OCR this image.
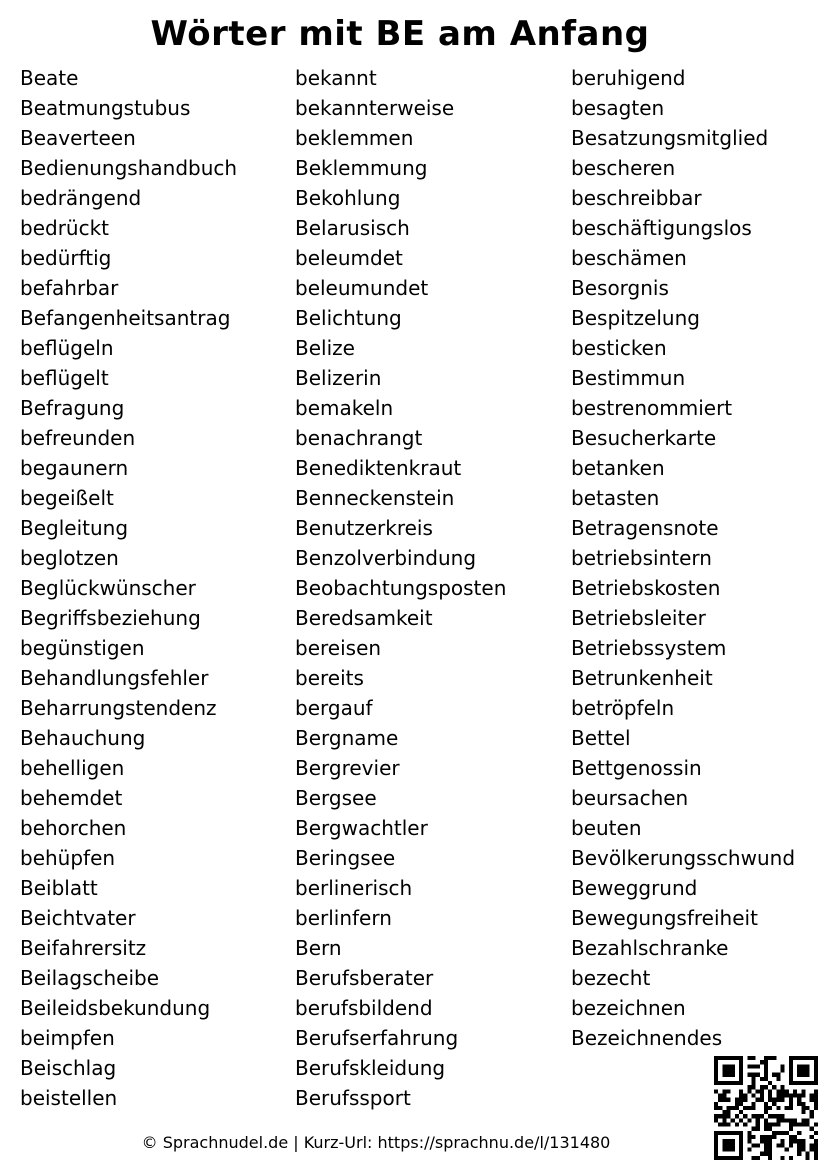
Wörter mit BE am Anfang
Beate
Beatmungstubus
Beaverteen
Bedienungshandbuch
bedrängend
bedrückt
bedürftig
befahrbar
Befangenheitsantrag
beflügeln
beflügelt
Befragung
befreunden
begaunern
begeißelt
Begleitung
beglotzen
Beglückwünscher
Begriffsbeziehung
begünstigen
Behandlungsfehler
Beharrungstendenz
Behauchung
behelligen
behemdet
behorchen
behüpfen
Beiblatt
Beichtvater
Beifahrersitz
Beilagscheibe
Beileidsbekundung
beimpfen
Beischlag
beistellen
bekannt
bekannterweise
beklemmen
Beklemmung
Bekohlung
Belarusisch
beleumdet
beleumundet
Belichtung
Belize
Belizerin
bemakeln
benachrangt
Benediktenkraut
Benneckenstein
Benutzerkreis
Benzolverbindung
Beobachtungsposten
Beredsamkeit
bereisen
bereits
bergauf
Bergname
Bergrevier
Bergsee
Bergwachtler
Beringsee
berlinerisch
berlinfern
Bern
Berufsberater
berufsbildend
Berufserfahrung
Berufskleidung
Berufssport
beruhigend
besagten
Besatzungsmitglied
bescheren
beschreibbar
beschäftigungslos
beschämen
Besorgnis
Bespitzelung
besticken
Bestimmun
bestrenommiert
Besucherkarte
betanken
betasten
Betragensnote
betriebsintern
Betriebskosten
Betriebsleiter
Betriebssystem
Betrunkenheit
betröpfeln
Bettel
Bettgenossin
beursachen
beuten
Bevölkerungsschwund
Beweggrund
Bewegungsfreiheit
Bezahlschranke
bezecht
bezeichnen
Bezeichnendes
© Sprachnudel.de | Kurz-Url: https://sprachnu.de/l/131480
